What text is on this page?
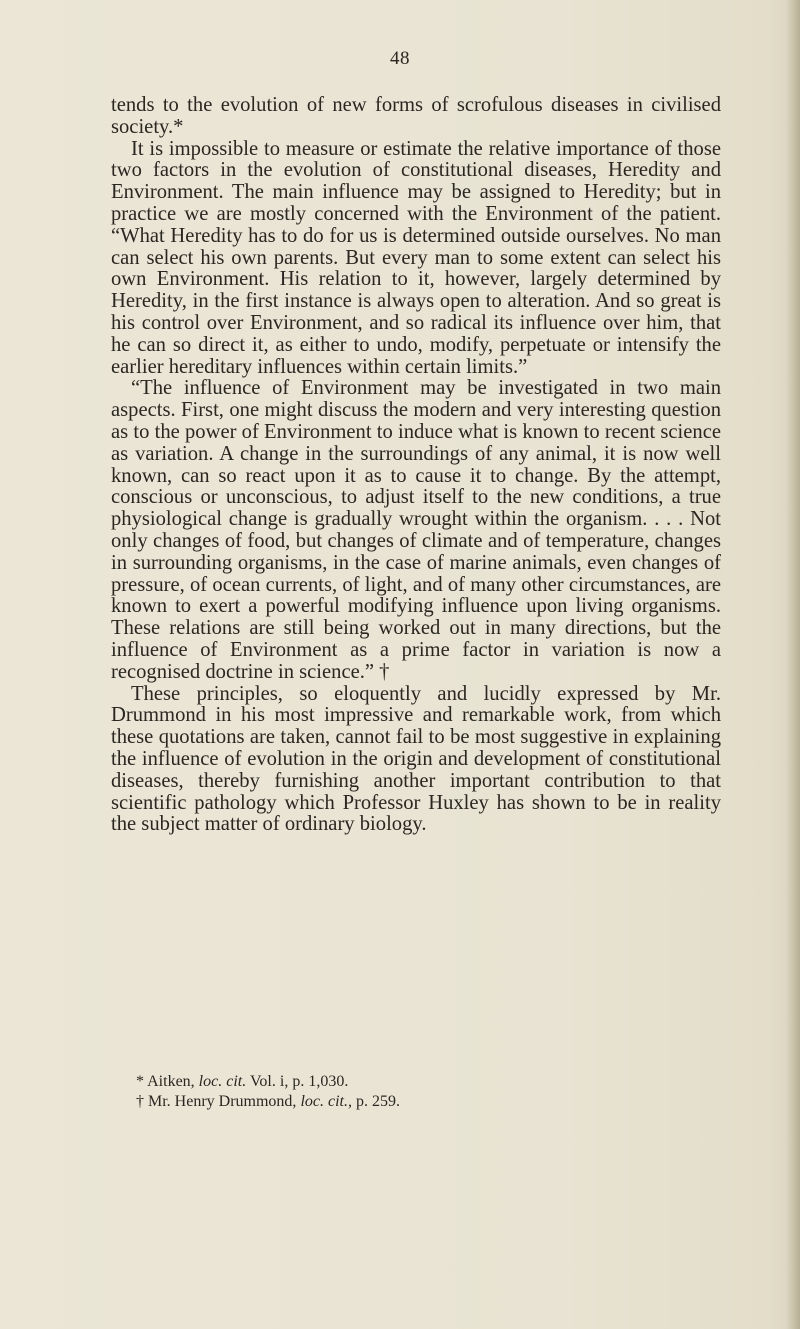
48

tends to the evolution of new forms of scrofulous diseases in civilised society.*

It is impossible to measure or estimate the relative importance of those two factors in the evolution of constitutional diseases, Heredity and Environment. The main influence may be assigned to Heredity; but in practice we are mostly concerned with the Environment of the patient. “What Heredity has to do for us is determined outside ourselves. No man can select his own parents. But every man to some extent can select his own Environment. His relation to it, however, largely determined by Heredity, in the first instance is always open to alteration. And so great is his control over Environment, and so radical its influence over him, that he can so direct it, as either to undo, modify, perpetuate or intensify the earlier hereditary influences within certain limits.”

“The influence of Environment may be investigated in two main aspects. First, one might discuss the modern and very interesting question as to the power of Environment to induce what is known to recent science as variation. A change in the surroundings of any animal, it is now well known, can so react upon it as to cause it to change. By the attempt, conscious or unconscious, to adjust itself to the new conditions, a true physiological change is gradually wrought within the organism. . . . Not only changes of food, but changes of climate and of temperature, changes in surrounding organisms, in the case of marine animals, even changes of pressure, of ocean currents, of light, and of many other circumstances, are known to exert a powerful modifying influence upon living organisms. These relations are still being worked out in many directions, but the influence of Environment as a prime factor in variation is now a recognised doctrine in science.” †

These principles, so eloquently and lucidly expressed by Mr. Drummond in his most impressive and remarkable work, from which these quotations are taken, cannot fail to be most suggestive in explaining the influence of evolution in the origin and development of constitutional diseases, thereby furnishing another important contribution to that scientific pathology which Professor Huxley has shown to be in reality the subject matter of ordinary biology.

* Aitken, loc. cit. Vol. i, p. 1,030.
† Mr. Henry Drummond, loc. cit., p. 259.
